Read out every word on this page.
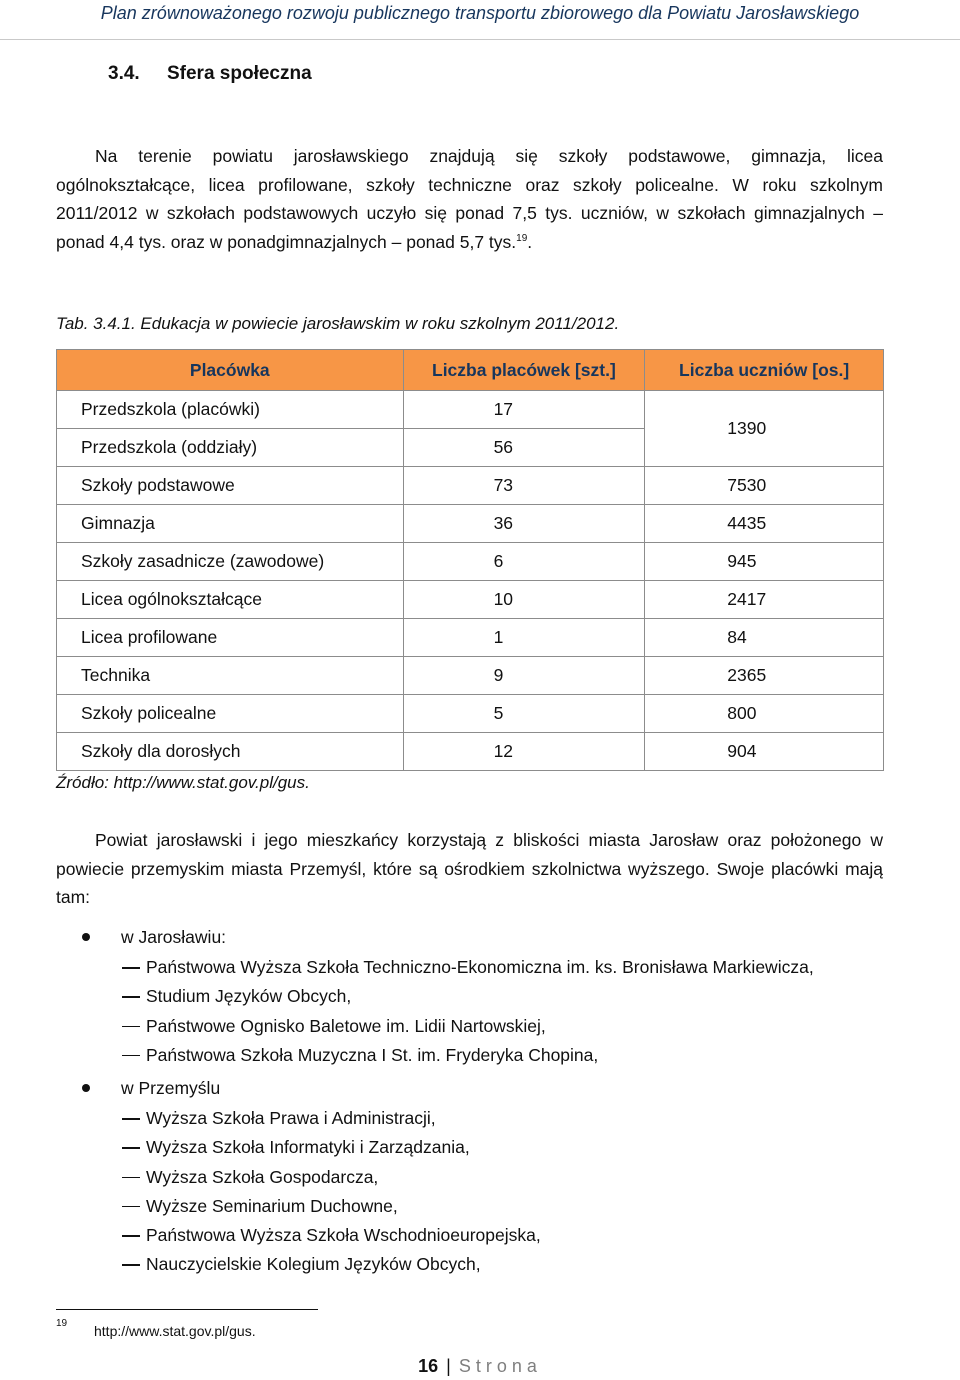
Plan zrównoważonego rozwoju publicznego transportu zbiorowego dla Powiatu Jarosławskiego
3.4. Sfera społeczna
Na terenie powiatu jarosławskiego znajdują się szkoły podstawowe, gimnazja, licea
ogólnokształcące, licea profilowane, szkoły techniczne oraz szkoły policealne. W roku szkolnym
2011/2012 w szkołach podstawowych uczyło się ponad 7,5 tys. uczniów, w szkołach gimnazjalnych –
ponad 4,4 tys. oraz w ponadgimnazjalnych – ponad 5,7 tys.$^{19}$.
Tab. 3.4.1. Edukacja w powiecie jarosławskim w roku szkolnym 2011/2012.
Placówka	Liczba placówek [szt.]	Liczba uczniów [os.]
Przedszkola (placówki)	17	1390
Przedszkola (oddziały)	56	
Szkoły podstawowe	73	7530
Gimnazja	36	4435
Szkoły zasadnicze (zawodowe)	6	945
Licea ogólnokształcące	10	2417
Licea profilowane	1	84
Technika	9	2365
Szkoły policealne	5	800
Szkoły dla dorosłych	12	904
Źródło: http://www.stat.gov.pl/gus.
Powiat jarosławski i jego mieszkańcy korzystają z bliskości miasta Jarosław oraz położonego w powiecie przemyskim miasta Przemyśl, które są ośrodkiem szkolnictwa wyższego. Swoje placówki mają tam:
w Jarosławiu:
Państwowa Wyższa Szkoła Techniczno-Ekonomiczna im. ks. Bronisława Markiewicza,
Studium Języków Obcych,
Państwowe Ognisko Baletowe im. Lidii Nartowskiej,
Państwowa Szkoła Muzyczna I St. im. Fryderyka Chopina,
w Przemyślu
Wyższa Szkoła Prawa i Administracji,
Wyższa Szkoła Informatyki i Zarządzania,
Wyższa Szkoła Gospodarcza,
Wyższe Seminarium Duchowne,
Państwowa Wyższa Szkoła Wschodnioeuropejska,
Nauczycielskie Kolegium Języków Obcych,
19 http://www.stat.gov.pl/gus.
16 | Strona
